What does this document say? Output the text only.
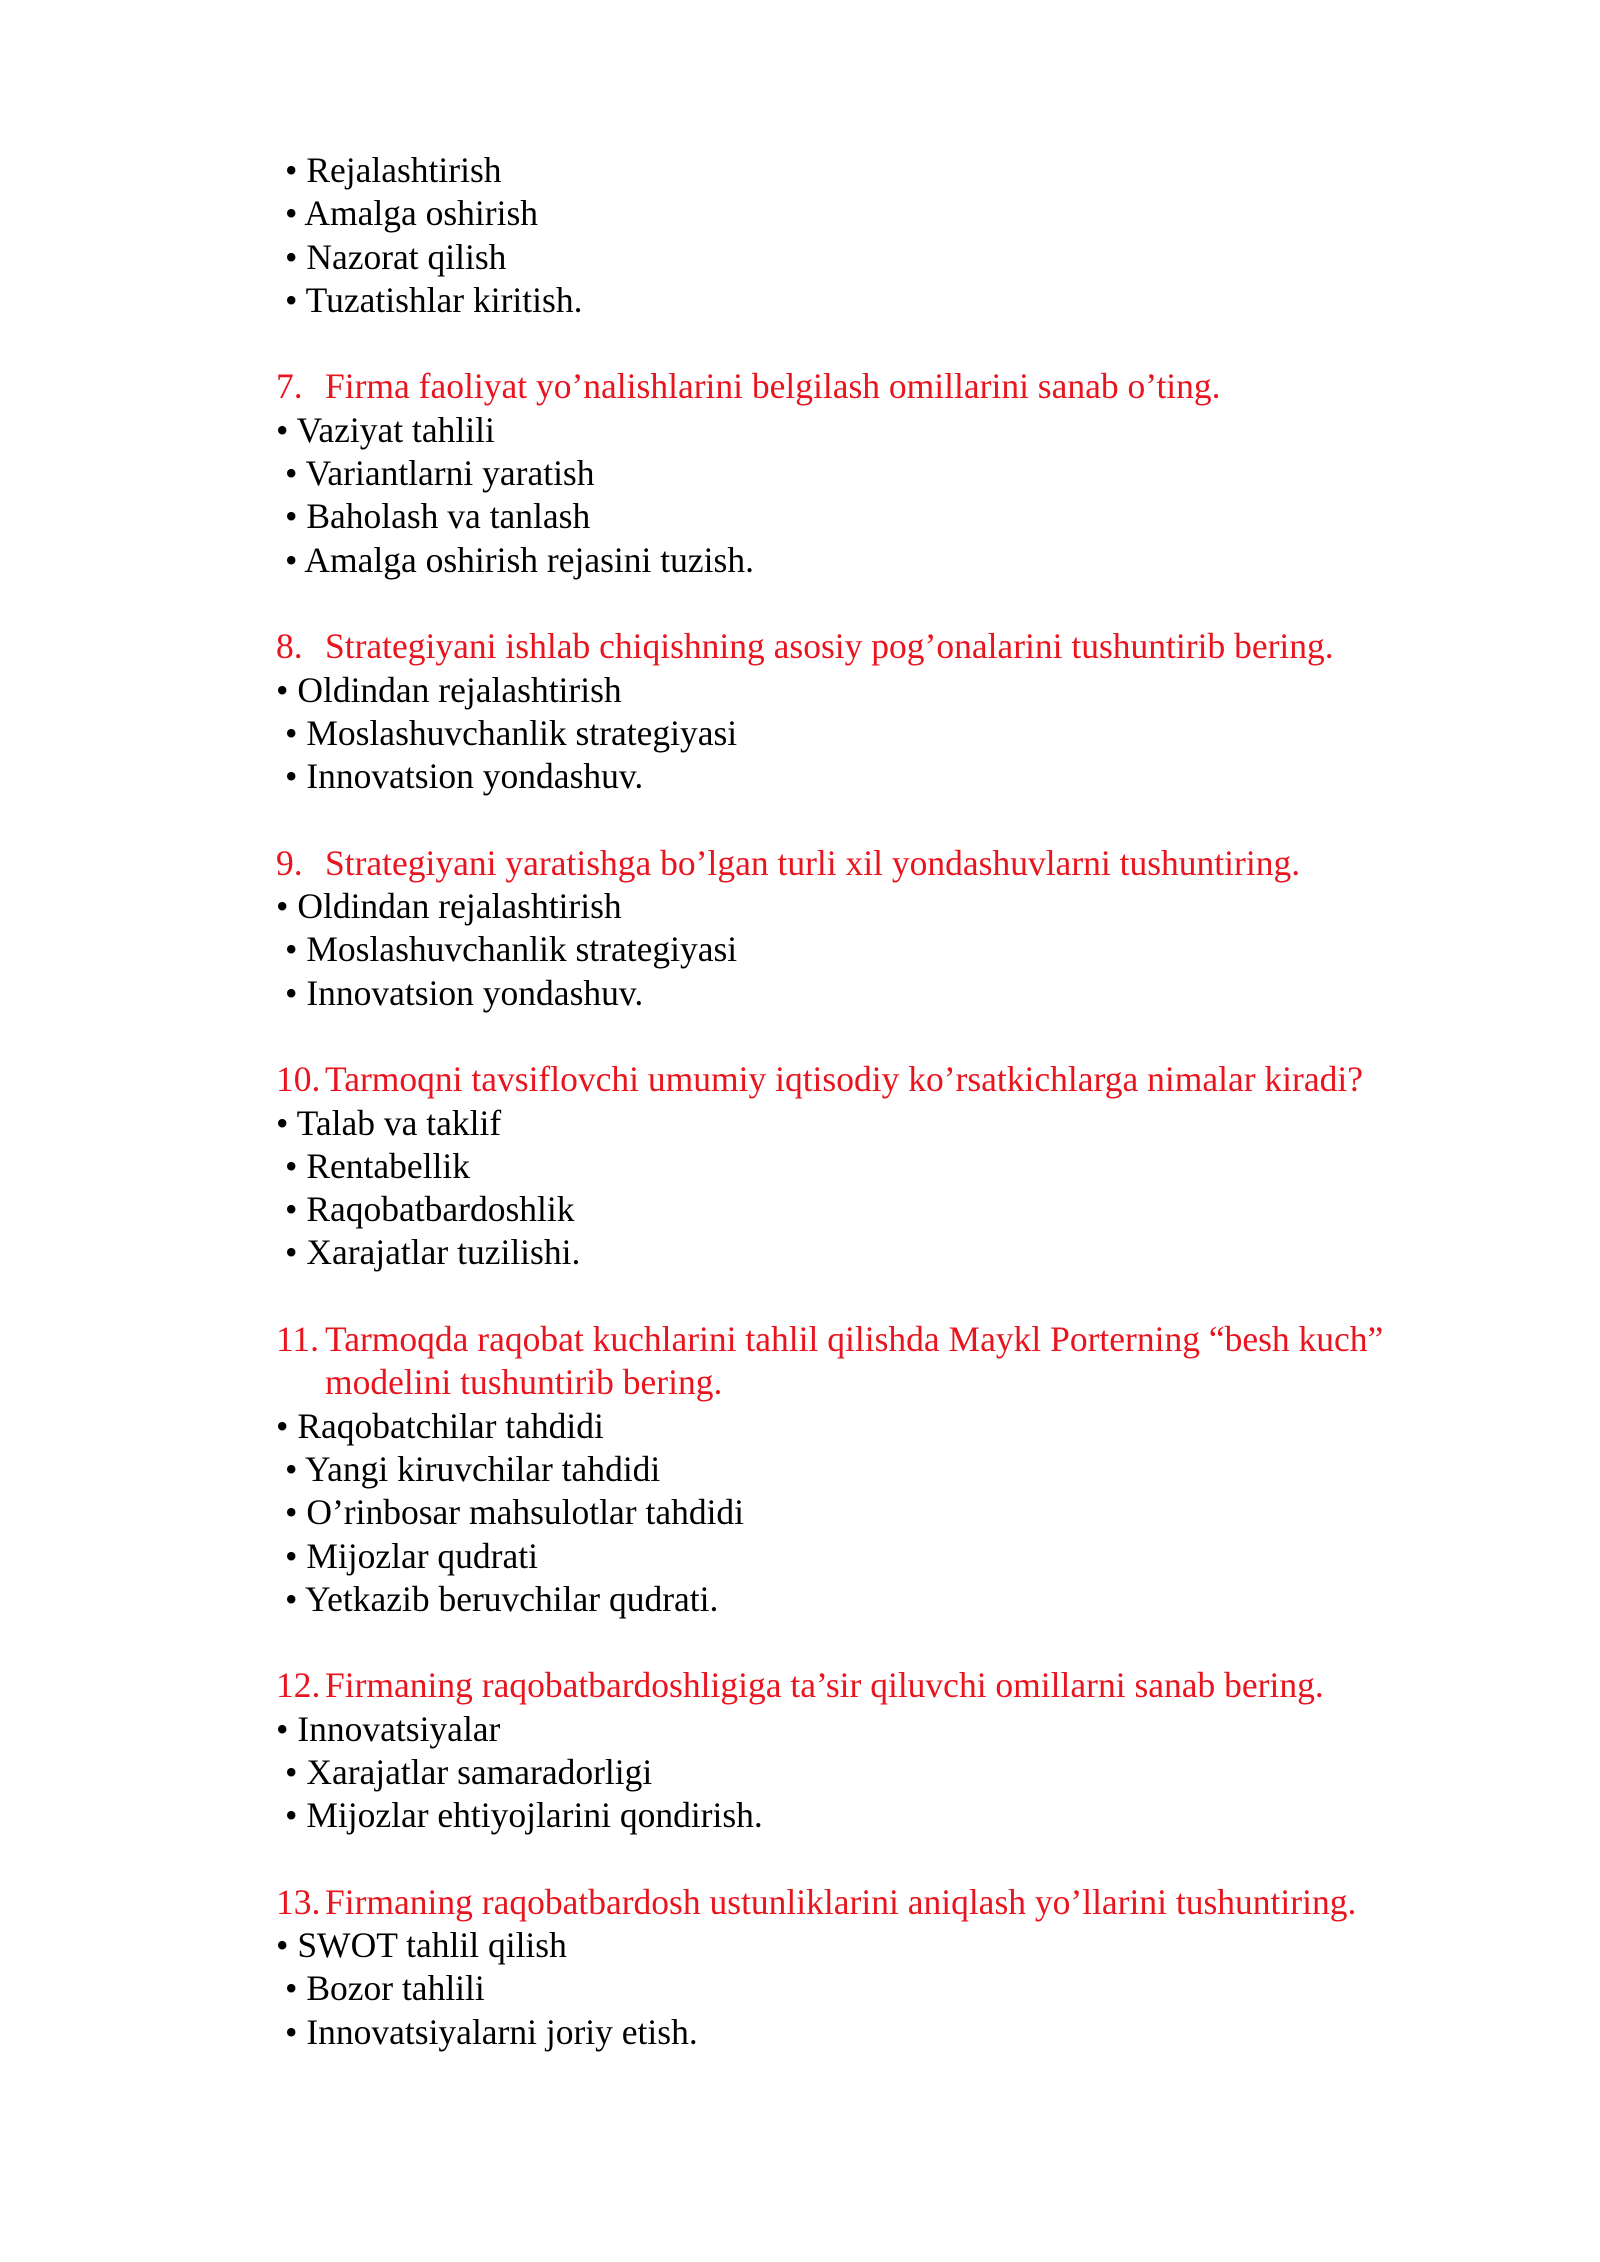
• Rejalashtirish
• Amalga oshirish
• Nazorat qilish
• Tuzatishlar kiritish.
7. Firma faoliyat yo’nalishlarini belgilash omillarini sanab o’ting.
• Vaziyat tahlili
• Variantlarni yaratish
• Baholash va tanlash
• Amalga oshirish rejasini tuzish.
8. Strategiyani ishlab chiqishning asosiy pog’onalarini tushuntirib bering.
• Oldindan rejalashtirish
• Moslashuvchanlik strategiyasi
• Innovatsion yondashuv.
9. Strategiyani yaratishga bo’lgan turli xil yondashuvlarni tushuntiring.
• Oldindan rejalashtirish
• Moslashuvchanlik strategiyasi
• Innovatsion yondashuv.
10. Tarmoqni tavsiflovchi umumiy iqtisodiy ko’rsatkichlarga nimalar kiradi?
• Talab va taklif
• Rentabellik
• Raqobatbardoshlik
• Xarajatlar tuzilishi.
11. Tarmoqda raqobat kuchlarini tahlil qilishda Maykl Porterning “besh kuch”
modelini tushuntirib bering.
• Raqobatchilar tahdidi
• Yangi kiruvchilar tahdidi
• O’rinbosar mahsulotlar tahdidi
• Mijozlar qudrati
• Yetkazib beruvchilar qudrati.
12. Firmaning raqobatbardoshligiga ta’sir qiluvchi omillarni sanab bering.
• Innovatsiyalar
• Xarajatlar samaradorligi
• Mijozlar ehtiyojlarini qondirish.
13. Firmaning raqobatbardosh ustunliklarini aniqlash yo’llarini tushuntiring.
• SWOT tahlil qilish
• Bozor tahlili
• Innovatsiyalarni joriy etish.
